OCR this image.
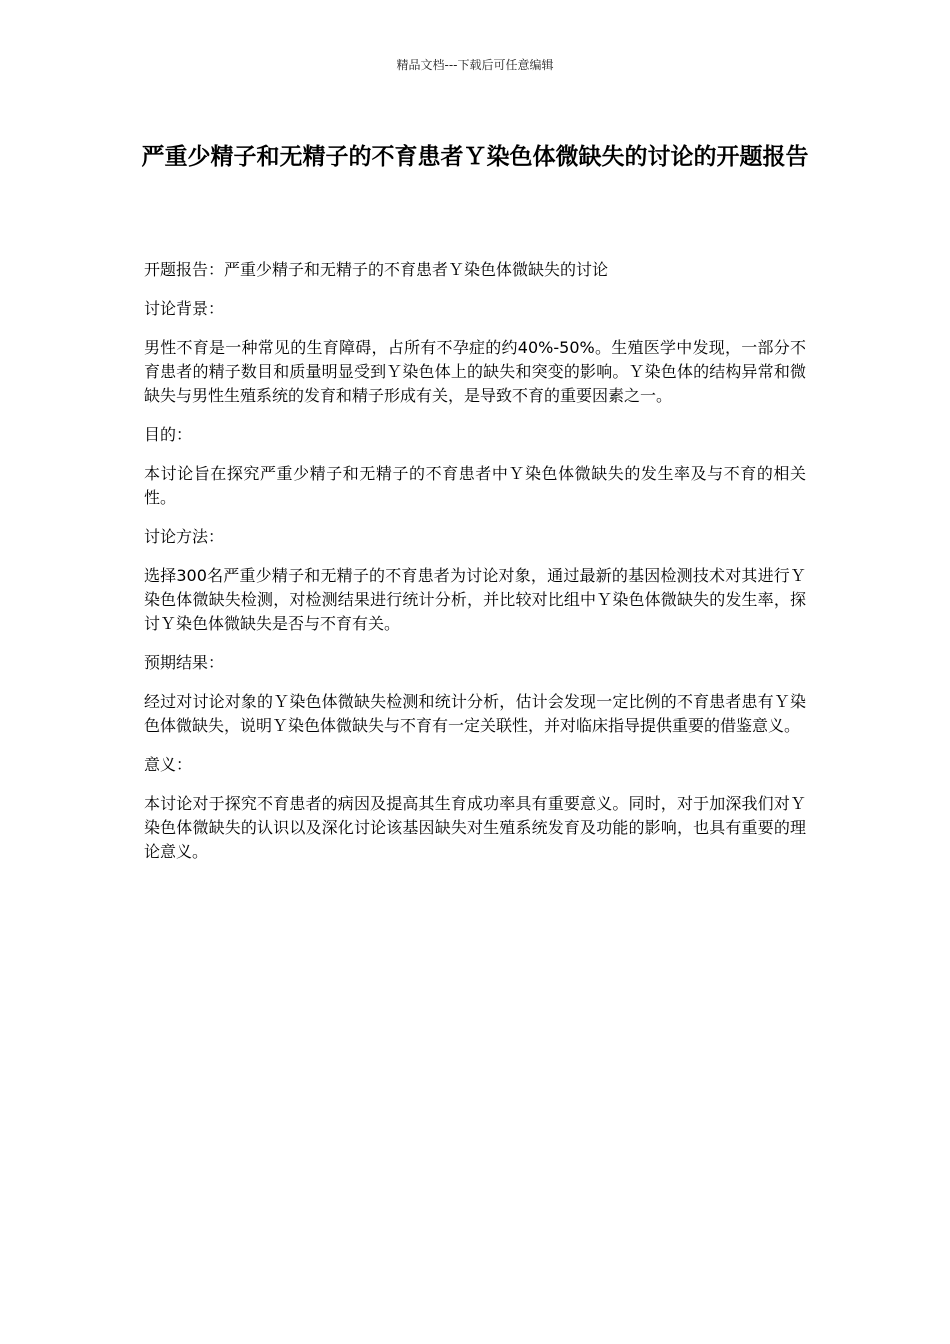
精品文档---下载后可任意编辑
严重少精子和无精子的不育患者Ｙ染色体微缺失的讨论的开题报告

开题报告：严重少精子和无精子的不育患者Ｙ染色体微缺失的讨论

讨论背景：

男性不育是一种常见的生育障碍，占所有不孕症的约40%-50%。生殖医学中发现，一部分不育患者的精子数目和质量明显受到Ｙ染色体上的缺失和突变的影响。Ｙ染色体的结构异常和微缺失与男性生殖系统的发育和精子形成有关，是导致不育的重要因素之一。

目的：

本讨论旨在探究严重少精子和无精子的不育患者中Ｙ染色体微缺失的发生率及与不育的相关性。

讨论方法：

选择300名严重少精子和无精子的不育患者为讨论对象，通过最新的基因检测技术对其进行Ｙ染色体微缺失检测，对检测结果进行统计分析，并比较对比组中Ｙ染色体微缺失的发生率，探讨Ｙ染色体微缺失是否与不育有关。

预期结果：

经过对讨论对象的Ｙ染色体微缺失检测和统计分析，估计会发现一定比例的不育患者患有Ｙ染色体微缺失，说明Ｙ染色体微缺失与不育有一定关联性，并对临床指导提供重要的借鉴意义。

意义：

本讨论对于探究不育患者的病因及提高其生育成功率具有重要意义。同时，对于加深我们对Ｙ染色体微缺失的认识以及深化讨论该基因缺失对生殖系统发育及功能的影响，也具有重要的理论意义。
